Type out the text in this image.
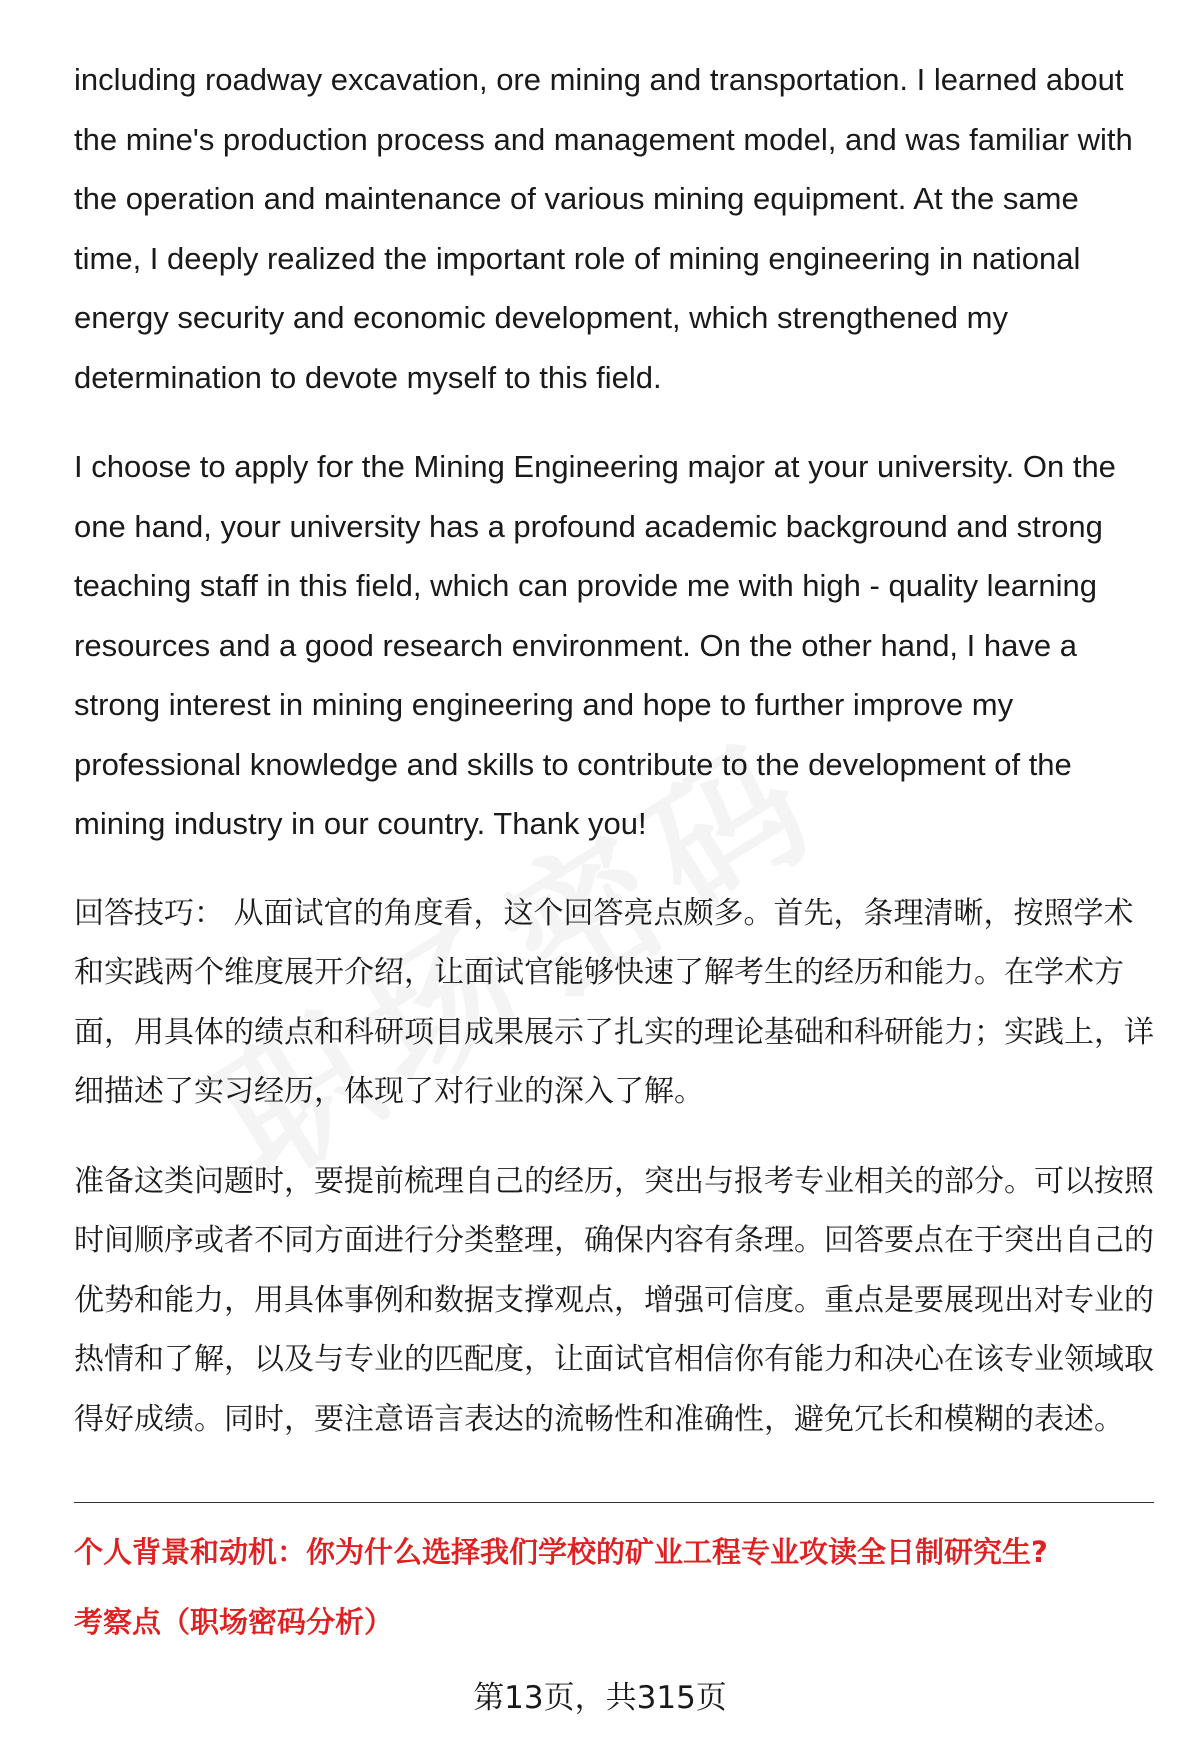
including roadway excavation, ore mining and transportation. I learned about the mine's production process and management model, and was familiar with the operation and maintenance of various mining equipment. At the same time, I deeply realized the important role of mining engineering in national energy security and economic development, which strengthened my determination to devote myself to this field.

I choose to apply for the Mining Engineering major at your university. On the one hand, your university has a profound academic background and strong teaching staff in this field, which can provide me with high - quality learning resources and a good research environment. On the other hand, I have a strong interest in mining engineering and hope to further improve my professional knowledge and skills to contribute to the development of the mining industry in our country. Thank you!

回答技巧： 从面试官的角度看，这个回答亮点颇多。首先，条理清晰，按照学术和实践两个维度展开介绍，让面试官能够快速了解考生的经历和能力。在学术方面，用具体的绩点和科研项目成果展示了扎实的理论基础和科研能力；实践上，详细描述了实习经历，体现了对行业的深入了解。

准备这类问题时，要提前梳理自己的经历，突出与报考专业相关的部分。可以按照时间顺序或者不同方面进行分类整理，确保内容有条理。回答要点在于突出自己的优势和能力，用具体事例和数据支撑观点，增强可信度。重点是要展现出对专业的热情和了解，以及与专业的匹配度，让面试官相信你有能力和决心在该专业领域取得好成绩。同时，要注意语言表达的流畅性和准确性，避免冗长和模糊的表述。

个人背景和动机：你为什么选择我们学校的矿业工程专业攻读全日制研究生?
考察点（职场密码分析）
第13页，共315页
